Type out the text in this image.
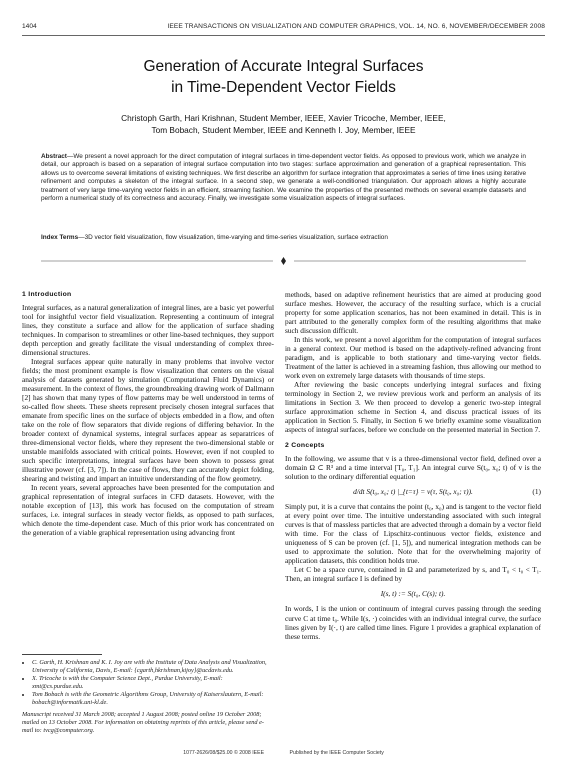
1404	IEEE TRANSACTIONS ON VISUALIZATION AND COMPUTER GRAPHICS, VOL. 14, NO. 6, NOVEMBER/DECEMBER 2008
Generation of Accurate Integral Surfaces
in Time-Dependent Vector Fields
Christoph Garth, Hari Krishnan, Student Member, IEEE, Xavier Tricoche, Member, IEEE,
Tom Bobach, Student Member, IEEE and Kenneth I. Joy, Member, IEEE
Abstract—We present a novel approach for the direct computation of integral surfaces in time-dependent vector fields. As opposed to previous work, which we analyze in detail, our approach is based on a separation of integral surface computation into two stages: surface approximation and generation of a graphical representation. This allows us to overcome several limitations of existing techniques. We first describe an algorithm for surface integration that approximates a series of time lines using iterative refinement and computes a skeleton of the integral surface. In a second step, we generate a well-conditioned triangulation. Our approach allows a highly accurate treatment of very large time-varying vector fields in an efficient, streaming fashion. We examine the properties of the presented methods on several example datasets and perform a numerical study of its correctness and accuracy. Finally, we investigate some visualization aspects of integral surfaces.
Index Terms—3D vector field visualization, flow visualization, time-varying and time-series visualization, surface extraction
1 Introduction

Integral surfaces, as a natural generalization of integral lines, are a basic yet powerful tool for insightful vector field visualization. Representing a continuum of integral lines, they constitute a surface and allow for the application of surface shading techniques. In comparison to streamlines or other line-based techniques, they support depth perception and greatly facilitate the visual understanding of complex three-dimensional structures.

Integral surfaces appear quite naturally in many problems that involve vector fields; the most prominent example is flow visualization that centers on the visual analysis of datasets generated by simulation (Computational Fluid Dynamics) or measurement. In the context of flows, the groundbreaking drawing work of Dallmann [2] has shown that many types of flow patterns may be well understood in terms of so-called flow sheets. These sheets represent precisely chosen integral surfaces that emanate from specific lines on the surface of objects embedded in a flow, and often take on the role of flow separators that divide regions of differing behavior. In the broader context of dynamical systems, integral surfaces appear as separatrices of three-dimensional vector fields, where they represent the two-dimensional stable or unstable manifolds associated with critical points. However, even if not coupled to such specific interpretations, integral surfaces have been shown to possess great illustrative power (cf. [3, 7]). In the case of flows, they can accurately depict folding, shearing and twisting and impart an intuitive understanding of the flow geometry.

In recent years, several approaches have been presented for the computation and graphical representation of integral surfaces in CFD datasets. However, with the notable exception of [13], this work has focused on the computation of stream surfaces, i.e. integral surfaces in steady vector fields, as opposed to path surfaces, which denote the time-dependent case. Much of this prior work has concentrated on the generation of a viable graphical representation using advancing front

• C. Garth, H. Krishnan and K. I. Joy are with the Institute of Data Analysis and Visualization, University of California, Davis, E-mail: {cgarth,hkrishnan,kijoy}@ucdavis.edu.
• X. Tricoche is with the Computer Science Dept., Purdue University, E-mail: xmt@cs.purdue.edu.
• Tom Bobach is with the Geometric Algorithms Group, University of Kaiserslautern, E-mail: bobach@informatik.uni-kl.de.
Manuscript received 31 March 2008; accepted 1 August 2008; posted online 19 October 2008; mailed on 13 October 2008. For information on obtaining reprints of this article, please send e-mail to: tvcg@computer.org.

methods, based on adaptive refinement heuristics that are aimed at producing good surface meshes. However, the accuracy of the resulting surface, which is a crucial property for some application scenarios, has not been examined in detail. This is in part attributed to the generally complex form of the resulting algorithms that make such discussion difficult.

In this work, we present a novel algorithm for the computation of integral surfaces in a general context. Our method is based on the adaptively-refined advancing front paradigm, and is applicable to both stationary and time-varying vector fields. Treatment of the latter is achieved in a streaming fashion, thus allowing our method to work even on extremely large datasets with thousands of time steps.

After reviewing the basic concepts underlying integral surfaces and fixing terminology in Section 2, we review previous work and perform an analysis of its limitations in Section 3. We then proceed to develop a generic two-step integral surface approximation scheme in Section 4, and discuss practical issues of its application in Section 5. Finally, in Section 6 we briefly examine some visualization aspects of integral surfaces, before we conclude on the presented material in Section 7.

2 Concepts

In the following, we assume that v is a three-dimensional vector field, defined over a domain Ω ⊂ R³ and a time interval [T₀, T₁]. An integral curve S(t₀, x₀; t) of v is the solution to the ordinary differential equation

d/dt S(t₀, x₀; t) |_{t=τ} = v(τ, S(t₀, x₀; τ)).	(1)

Simply put, it is a curve that contains the point (t₀, x₀) and is tangent to the vector field at every point over time. The intuitive understanding associated with such integral curves is that of massless particles that are advected through a domain by a vector field with time. For the class of Lipschitz-continuous vector fields, existence and uniqueness of S can be proven (cf. [1, 5]), and numerical integration methods can be used to approximate the solution. Note that for the overwhelming majority of application datasets, this condition holds true.

Let C be a space curve, contained in Ω and parameterized by s, and T₀ < t₀ < T₁. Then, an integral surface I is defined by

I(s, t) := S(t₀, C(s); t).

In words, I is the union or continuum of integral curves passing through the seeding curve C at time t₀. While I(s, ·) coincides with an individual integral curve, the surface lines given by I(·, t) are called time lines. Figure 1 provides a graphical explanation of these terms.

1077-2626/08/$25.00 © 2008 IEEE	Published by the IEEE Computer Society
